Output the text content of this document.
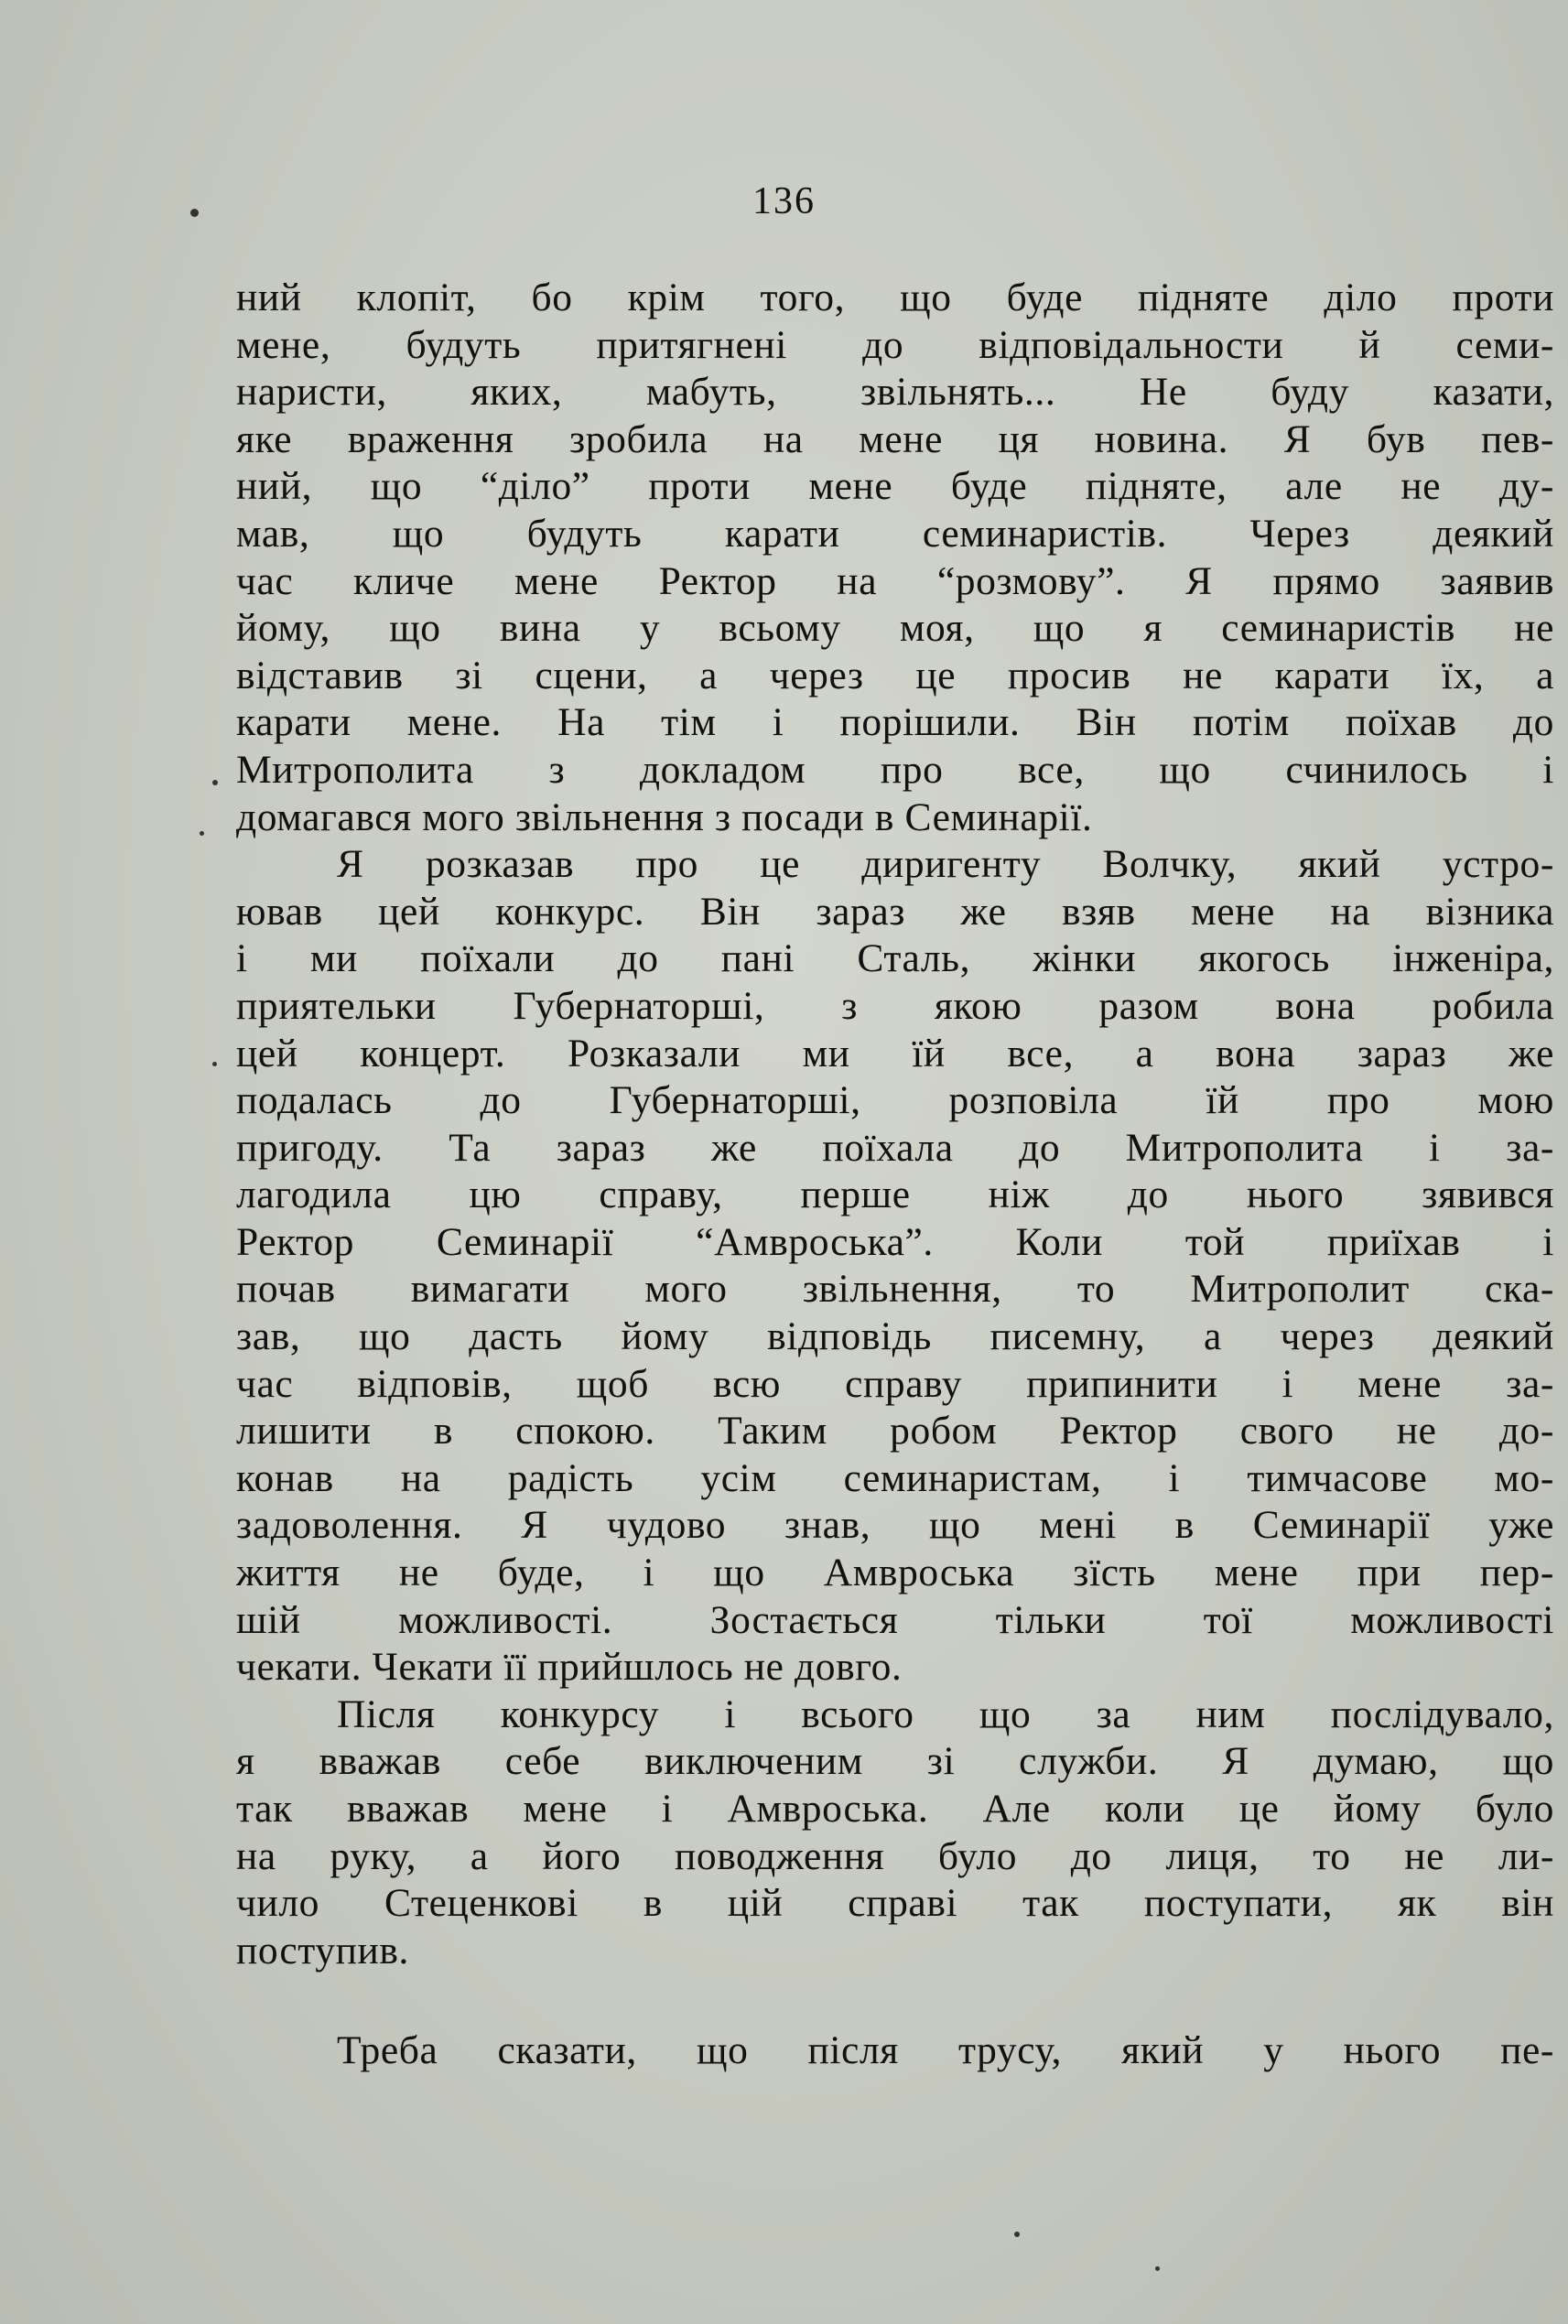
136
ний клопіт, бо крім того, що буде підняте діло проти
мене, будуть притягнені до відповідальности й семи-
наристи, яких, мабуть, звільнять... Не буду казати,
яке враження зробила на мене ця новина. Я був пев-
ний, що “діло” проти мене буде підняте, але не ду-
мав, що будуть карати семинаристів. Через деякий
час кличе мене Ректор на “розмову”. Я прямо заявив
йому, що вина у всьому моя, що я семинаристів не
відставив зі сцени, а через це просив не карати їх, а
карати мене. На тім і порішили. Він потім поїхав до
Митрополита з докладом про все, що счинилось і
домагався мого звільнення з посади в Семинарії.
Я розказав про це диригенту Волчку, який устро-
ював цей конкурс. Він зараз же взяв мене на візника
і ми поїхали до пані Сталь, жінки якогось інженіра,
приятельки Губернаторші, з якою разом вона робила
цей концерт. Розказали ми їй все, а вона зараз же
подалась до Губернаторші, розповіла їй про мою
пригоду. Та зараз же поїхала до Митрополита і за-
лагодила цю справу, перше ніж до нього зявився
Ректор Семинарії “Амвроська”. Коли той приїхав і
почав вимагати мого звільнення, то Митрополит ска-
зав, що дасть йому відповідь писемну, а через деякий
час відповів, щоб всю справу припинити і мене за-
лишити в спокою. Таким робом Ректор свого не до-
конав на радість усім семинаристам, і тимчасове мо-
задоволення. Я чудово знав, що мені в Семинарії уже
життя не буде, і що Амвроська зїсть мене при пер-
шій можливості. Зостається тільки тої можливості
чекати. Чекати її прийшлось не довго.
Після конкурсу і всього що за ним послідувало,
я вважав себе виключеним зі служби. Я думаю, що
так вважав мене і Амвроська. Але коли це йому було
на руку, а його поводження було до лиця, то не ли-
чило Стеценкові в цій справі так поступати, як він
поступив.
Треба сказати, що після трусу, який у нього пе-
